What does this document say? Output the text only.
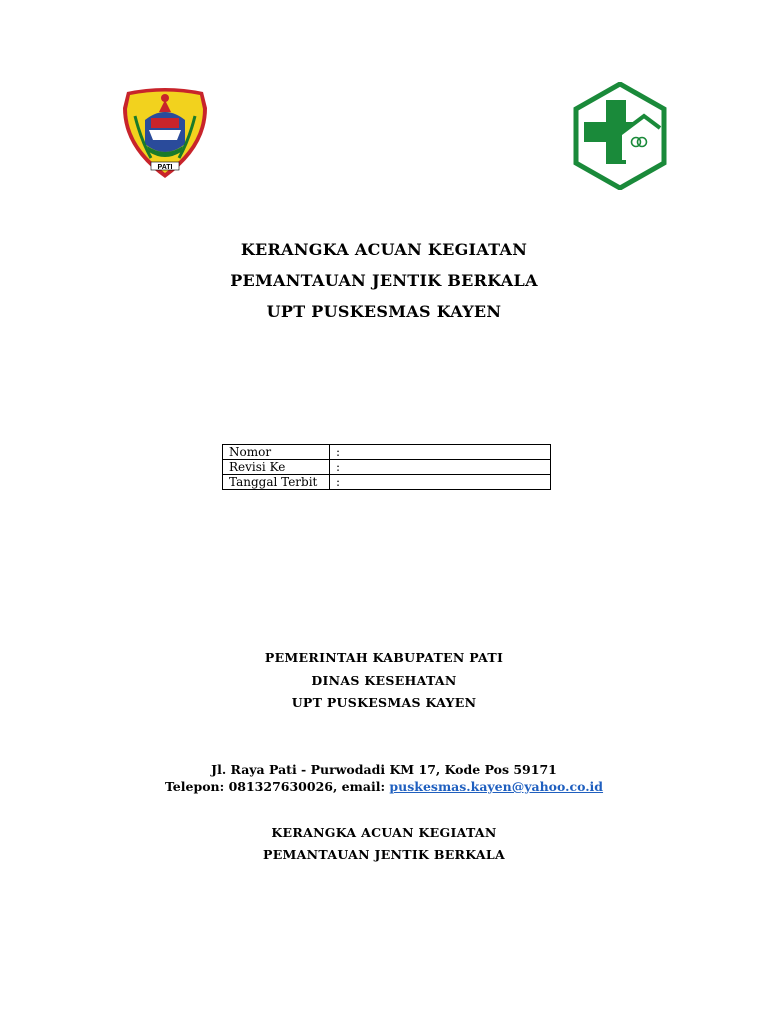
PATI
KERANGKA ACUAN KEGIATAN
PEMANTAUAN JENTIK BERKALA
UPT PUSKESMAS KAYEN
Nomor	:
Revisi Ke	:
Tanggal Terbit	:
PEMERINTAH KABUPATEN PATI
DINAS KESEHATAN
UPT PUSKESMAS KAYEN
Jl. Raya Pati - Purwodadi KM 17, Kode Pos 59171
Telepon: 081327630026, email: puskesmas.kayen@yahoo.co.id
KERANGKA ACUAN KEGIATAN
PEMANTAUAN JENTIK BERKALA
